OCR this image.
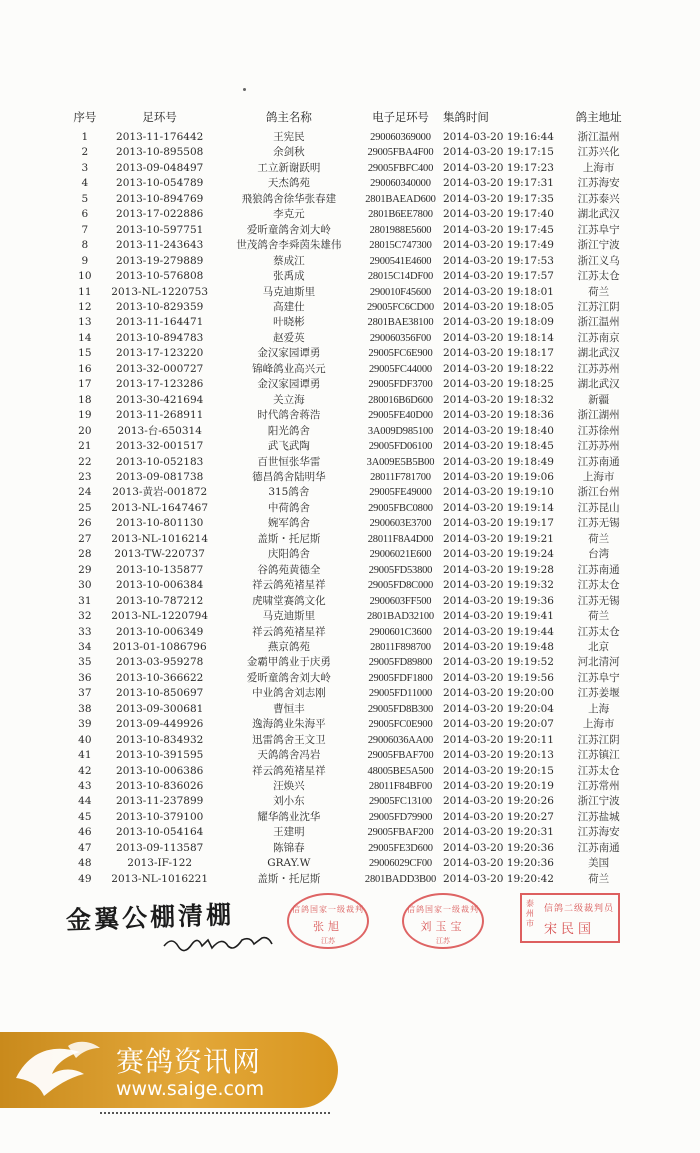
序号	足环号	鸽主名称	电子足环号	集鸽时间	鸽主地址
1	2013-11-176442	王宪民	290060369000	2014-03-20 19:16:44	浙江温州
2	2013-10-895508	余剑秋	29005FBA4F00	2014-03-20 19:17:15	江苏兴化
3	2013-09-048497	工立新谢跃明	29005FBFC400	2014-03-20 19:17:23	上海市
4	2013-10-054789	天杰鸽苑	290060340000	2014-03-20 19:17:31	江苏海安
5	2013-10-894769	飛狼鸽舍徐华张春建	2801BAEAD600	2014-03-20 19:17:35	江苏泰兴
6	2013-17-022886	李克元	2801B6EE7800	2014-03-20 19:17:40	湖北武汉
7	2013-10-597751	爱昕童鸽舍刘大岭	2801988E5600	2014-03-20 19:17:45	江苏阜宁
8	2013-11-243643	世茂鸽舍李舜茵朱雄伟	28015C747300	2014-03-20 19:17:49	浙江宁波
9	2013-19-279889	蔡成江	2900541E4600	2014-03-20 19:17:53	浙江义乌
10	2013-10-576808	张禹成	28015C14DF00	2014-03-20 19:17:57	江苏太仓
11	2013-NL-1220753	马克迪斯里	290010F45600	2014-03-20 19:18:01	荷兰
12	2013-10-829359	高建仕	29005FC6CD00	2014-03-20 19:18:05	江苏江阴
13	2013-11-164471	叶晓彬	2801BAE38100	2014-03-20 19:18:09	浙江温州
14	2013-10-894783	赵爱英	290060356F00	2014-03-20 19:18:14	江苏南京
15	2013-17-123220	金汉家园谭勇	29005FC6E900	2014-03-20 19:18:17	湖北武汉
16	2013-32-000727	锦峰鸽业高兴元	29005FC44000	2014-03-20 19:18:22	江苏苏州
17	2013-17-123286	金汉家园谭勇	29005FDF3700	2014-03-20 19:18:25	湖北武汉
18	2013-30-421694	关立海	280016B6D600	2014-03-20 19:18:32	新疆
19	2013-11-268911	时代鸽舍蒋浩	29005FE40D00	2014-03-20 19:18:36	浙江湖州
20	2013-台-650314	阳光鸽舍	3A009D985100	2014-03-20 19:18:40	江苏徐州
21	2013-32-001517	武飞武陶	29005FD06100	2014-03-20 19:18:45	江苏苏州
22	2013-10-052183	百世恒张华雷	3A009E5B5B00	2014-03-20 19:18:49	江苏南通
23	2013-09-081738	德昌鸽舍陆明华	28011F781700	2014-03-20 19:19:06	上海市
24	2013-黄岩-001872	315鸽舍	29005FE49000	2014-03-20 19:19:10	浙江台州
25	2013-NL-1647467	中荷鸽舍	29005FBC0800	2014-03-20 19:19:14	江苏昆山
26	2013-10-801130	婉军鸽舍	2900603E3700	2014-03-20 19:19:17	江苏无锡
27	2013-NL-1016214	盖斯・托尼斯	28011F8A4D00	2014-03-20 19:19:21	荷兰
28	2013-TW-220737	庆阳鸽舍	29006021E600	2014-03-20 19:19:24	台湾
29	2013-10-135877	谷鸽苑黄德全	29005FD53800	2014-03-20 19:19:28	江苏南通
30	2013-10-006384	祥云鸽苑褚星祥	29005FD8C000	2014-03-20 19:19:32	江苏太仓
31	2013-10-787212	虎啸堂赛鸽文化	2900603FF500	2014-03-20 19:19:36	江苏无锡
32	2013-NL-1220794	马克迪斯里	2801BAD32100	2014-03-20 19:19:41	荷兰
33	2013-10-006349	祥云鸽苑褚星祥	2900601C3600	2014-03-20 19:19:44	江苏太仓
34	2013-01-1086796	燕京鸽苑	28011F898700	2014-03-20 19:19:48	北京
35	2013-03-959278	金霸甲鸽业于庆勇	29005FD89800	2014-03-20 19:19:52	河北清河
36	2013-10-366622	爱昕童鸽舍刘大岭	29005FDF1800	2014-03-20 19:19:56	江苏阜宁
37	2013-10-850697	中业鸽舍刘志刚	29005FD11000	2014-03-20 19:20:00	江苏姜堰
38	2013-09-300681	曹恒丰	29005FD8B300	2014-03-20 19:20:04	上海
39	2013-09-449926	逸海鸽业朱海平	29005FC0E900	2014-03-20 19:20:07	上海市
40	2013-10-834932	迅雷鸽舍王文卫	29006036AA00	2014-03-20 19:20:11	江苏江阴
41	2013-10-391595	天鸽鸽舍冯岩	29005FBAF700	2014-03-20 19:20:13	江苏镇江
42	2013-10-006386	祥云鸽苑褚星祥	48005BE5A500	2014-03-20 19:20:15	江苏太仓
43	2013-10-836026	汪焕兴	28011F84BF00	2014-03-20 19:20:19	江苏常州
44	2013-11-237899	刘小东	29005FC13100	2014-03-20 19:20:26	浙江宁波
45	2013-10-379100	耀华鸽业沈华	29005FD79900	2014-03-20 19:20:27	江苏盐城
46	2013-10-054164	王建明	29005FBAF200	2014-03-20 19:20:31	江苏海安
47	2013-09-113587	陈锦春	29005FE3D600	2014-03-20 19:20:36	江苏南通
48	2013-IF-122	GRAY.W	29006029CF00	2014-03-20 19:20:36	美国
49	2013-NL-1016221	盖斯・托尼斯	2801BADD3B00	2014-03-20 19:20:42	荷兰
金翼公棚清棚	信鸽国家一级裁判
张旭
江苏
信鸽国家一级裁判
刘玉宝
江苏
泰州市
信鸽二级裁判员
宋民国
赛鸽资讯网
www.saige.com
